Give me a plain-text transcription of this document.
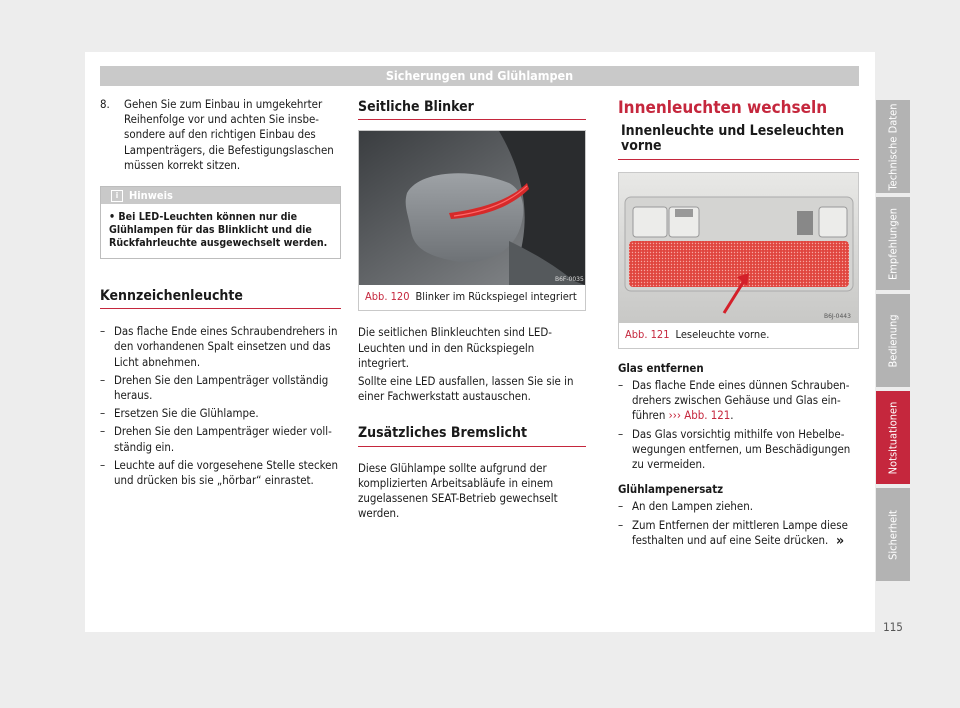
Sicherungen und Glühlampen
Technische Daten
Empfehlungen
Bedienung
Notsituationen
Sicherheit
8. Gehen Sie zum Einbau in umgekehrter Reihenfolge vor und achten Sie insbesondere auf den richtigen Einbau des Lampenträgers, die Befestigungslaschen müssen korrekt sitzen.

i Hinweis
• Bei LED-Leuchten können nur die Glühlampen für das Blinklicht und die Rückfahrleuchte ausgewechselt werden.
Kennzeichenleuchte
– Das flache Ende eines Schraubendrehers in den vorhandenen Spalt einsetzen und das Licht abnehmen.
– Drehen Sie den Lampenträger vollständig heraus.
– Ersetzen Sie die Glühlampe.
– Drehen Sie den Lampenträger wieder vollständig ein.
– Leuchte auf die vorgesehene Stelle stecken und drücken bis sie „hörbar“ einrastet.
Seitliche Blinker
B6F-0035
Abb. 120 Blinker im Rückspiegel integriert

Die seitlichen Blinkleuchten sind LED-Leuchten und in den Rückspiegeln integriert.

Sollte eine LED ausfallen, lassen Sie sie in einer Fachwerkstatt austauschen.

Zusätzliches Bremslicht

Diese Glühlampe sollte aufgrund der komplizierten Arbeitsabläufe in einem zugelassenen SEAT-Betrieb gewechselt werden.

Innenleuchten wechseln
Innenleuchte und Leseleuchten vorne
B6J-0443
Abb. 121 Leseleuchte vorne.

Glas entfernen

– Das flache Ende eines dünnen Schraubendrehers zwischen Gehäuse und Glas einführen ››› Abb. 121.
– Das Glas vorsichtig mithilfe von Hebelbewegungen entfernen, um Beschädigungen zu vermeiden.

Glühlampenersatz

– An den Lampen ziehen.
– Zum Entfernen der mittleren Lampe diese festhalten und auf eine Seite drücken. »
115
